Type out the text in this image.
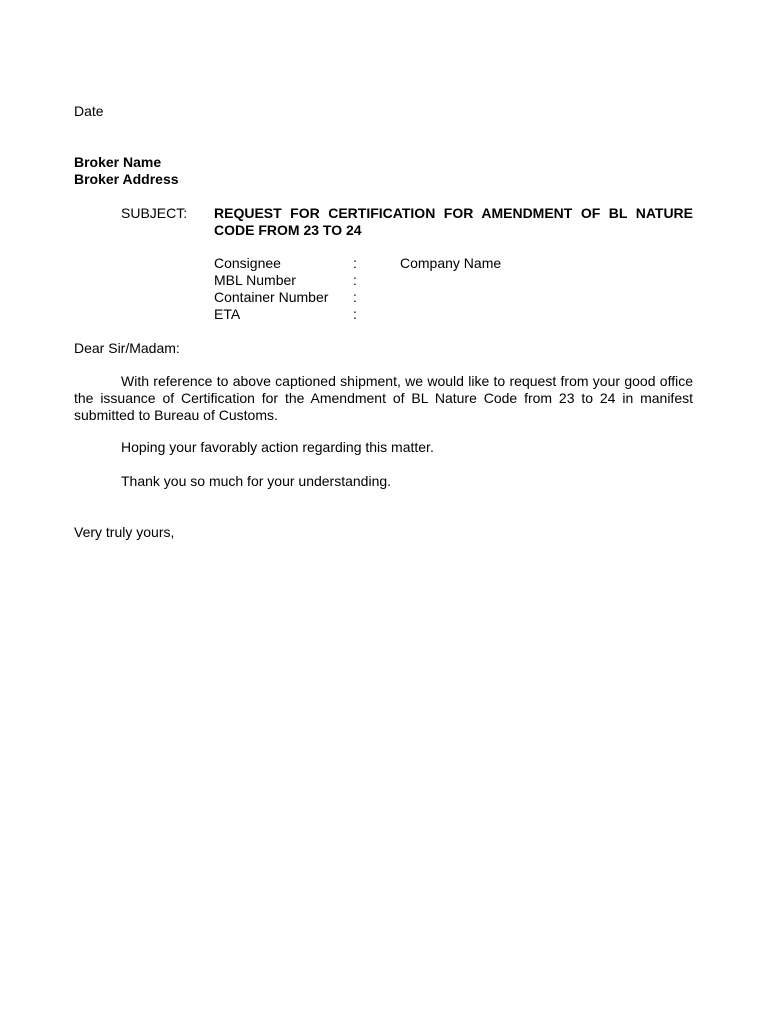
Date
Broker Name
Broker Address
SUBJECT: REQUEST FOR CERTIFICATION FOR AMENDMENT OF BL NATURE CODE FROM 23 TO 24
Consignee	:	Company Name
MBL Number	:
Container Number :
ETA	:
Dear Sir/Madam:
With reference to above captioned shipment, we would like to request from your good office the issuance of Certification for the Amendment of BL Nature Code from 23 to 24 in manifest submitted to Bureau of Customs.
Hoping your favorably action regarding this matter.
Thank you so much for your understanding.
Very truly yours,
